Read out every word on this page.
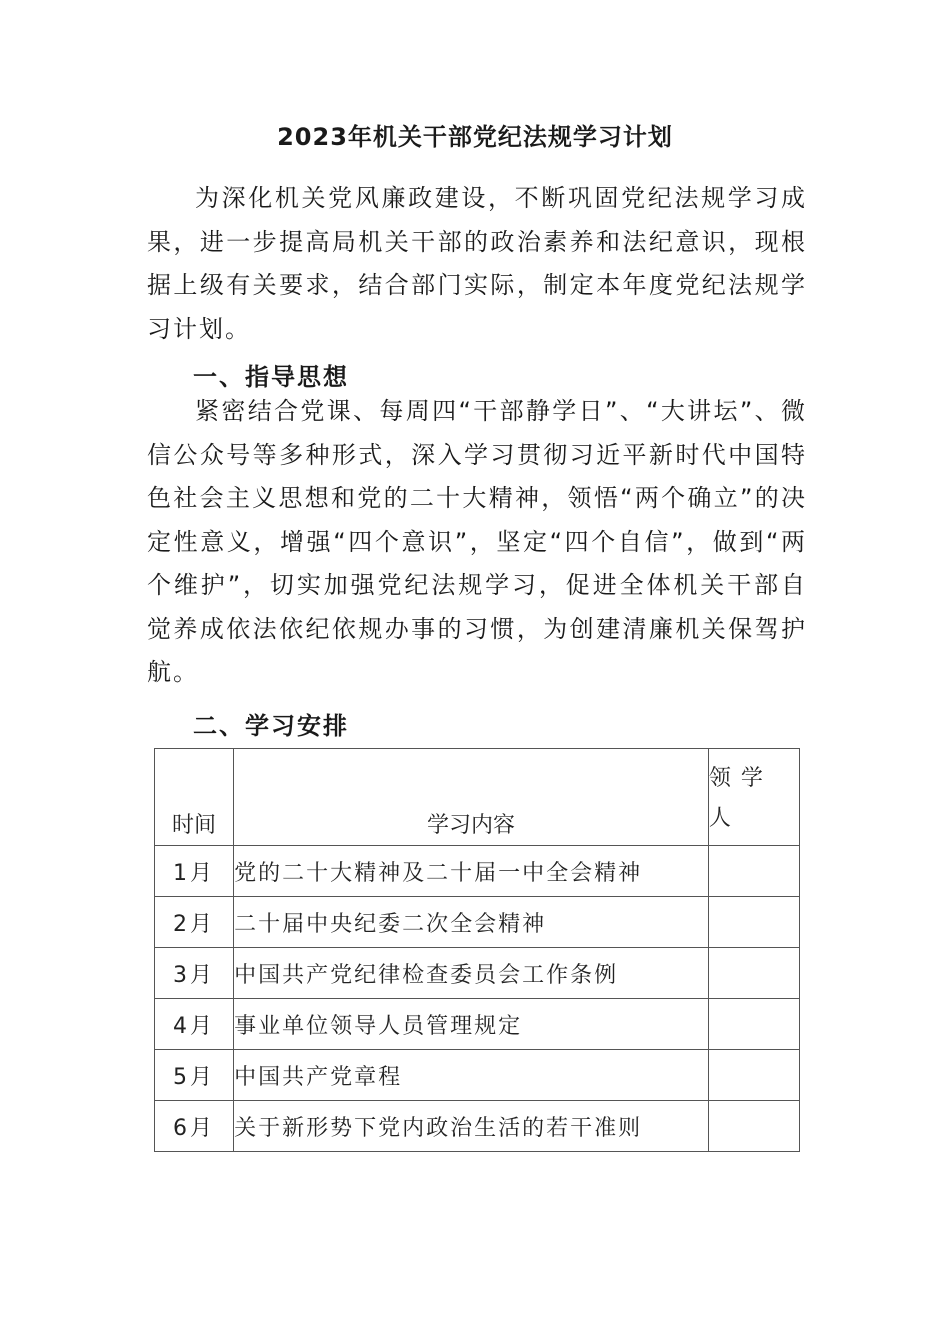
2023年机关干部党纪法规学习计划
为深化机关党风廉政建设，不断巩固党纪法规学习成果，进一步提高局机关干部的政治素养和法纪意识，现根据上级有关要求，结合部门实际，制定本年度党纪法规学习计划。
一、指导思想
紧密结合党课、每周四“干部静学日”、“大讲坛”、微信公众号等多种形式，深入学习贯彻习近平新时代中国特色社会主义思想和党的二十大精神，领悟“两个确立”的决定性意义，增强“四个意识”，坚定“四个自信”，做到“两个维护”，切实加强党纪法规学习，促进全体机关干部自觉养成依法依纪依规办事的习惯，为创建清廉机关保驾护航。
二、学习安排
时间	学习内容	领学人
1月	党的二十大精神及二十届一中全会精神	
2月	二十届中央纪委二次全会精神	
3月	中国共产党纪律检查委员会工作条例	
4月	事业单位领导人员管理规定	
5月	中国共产党章程	
6月	关于新形势下党内政治生活的若干准则	
